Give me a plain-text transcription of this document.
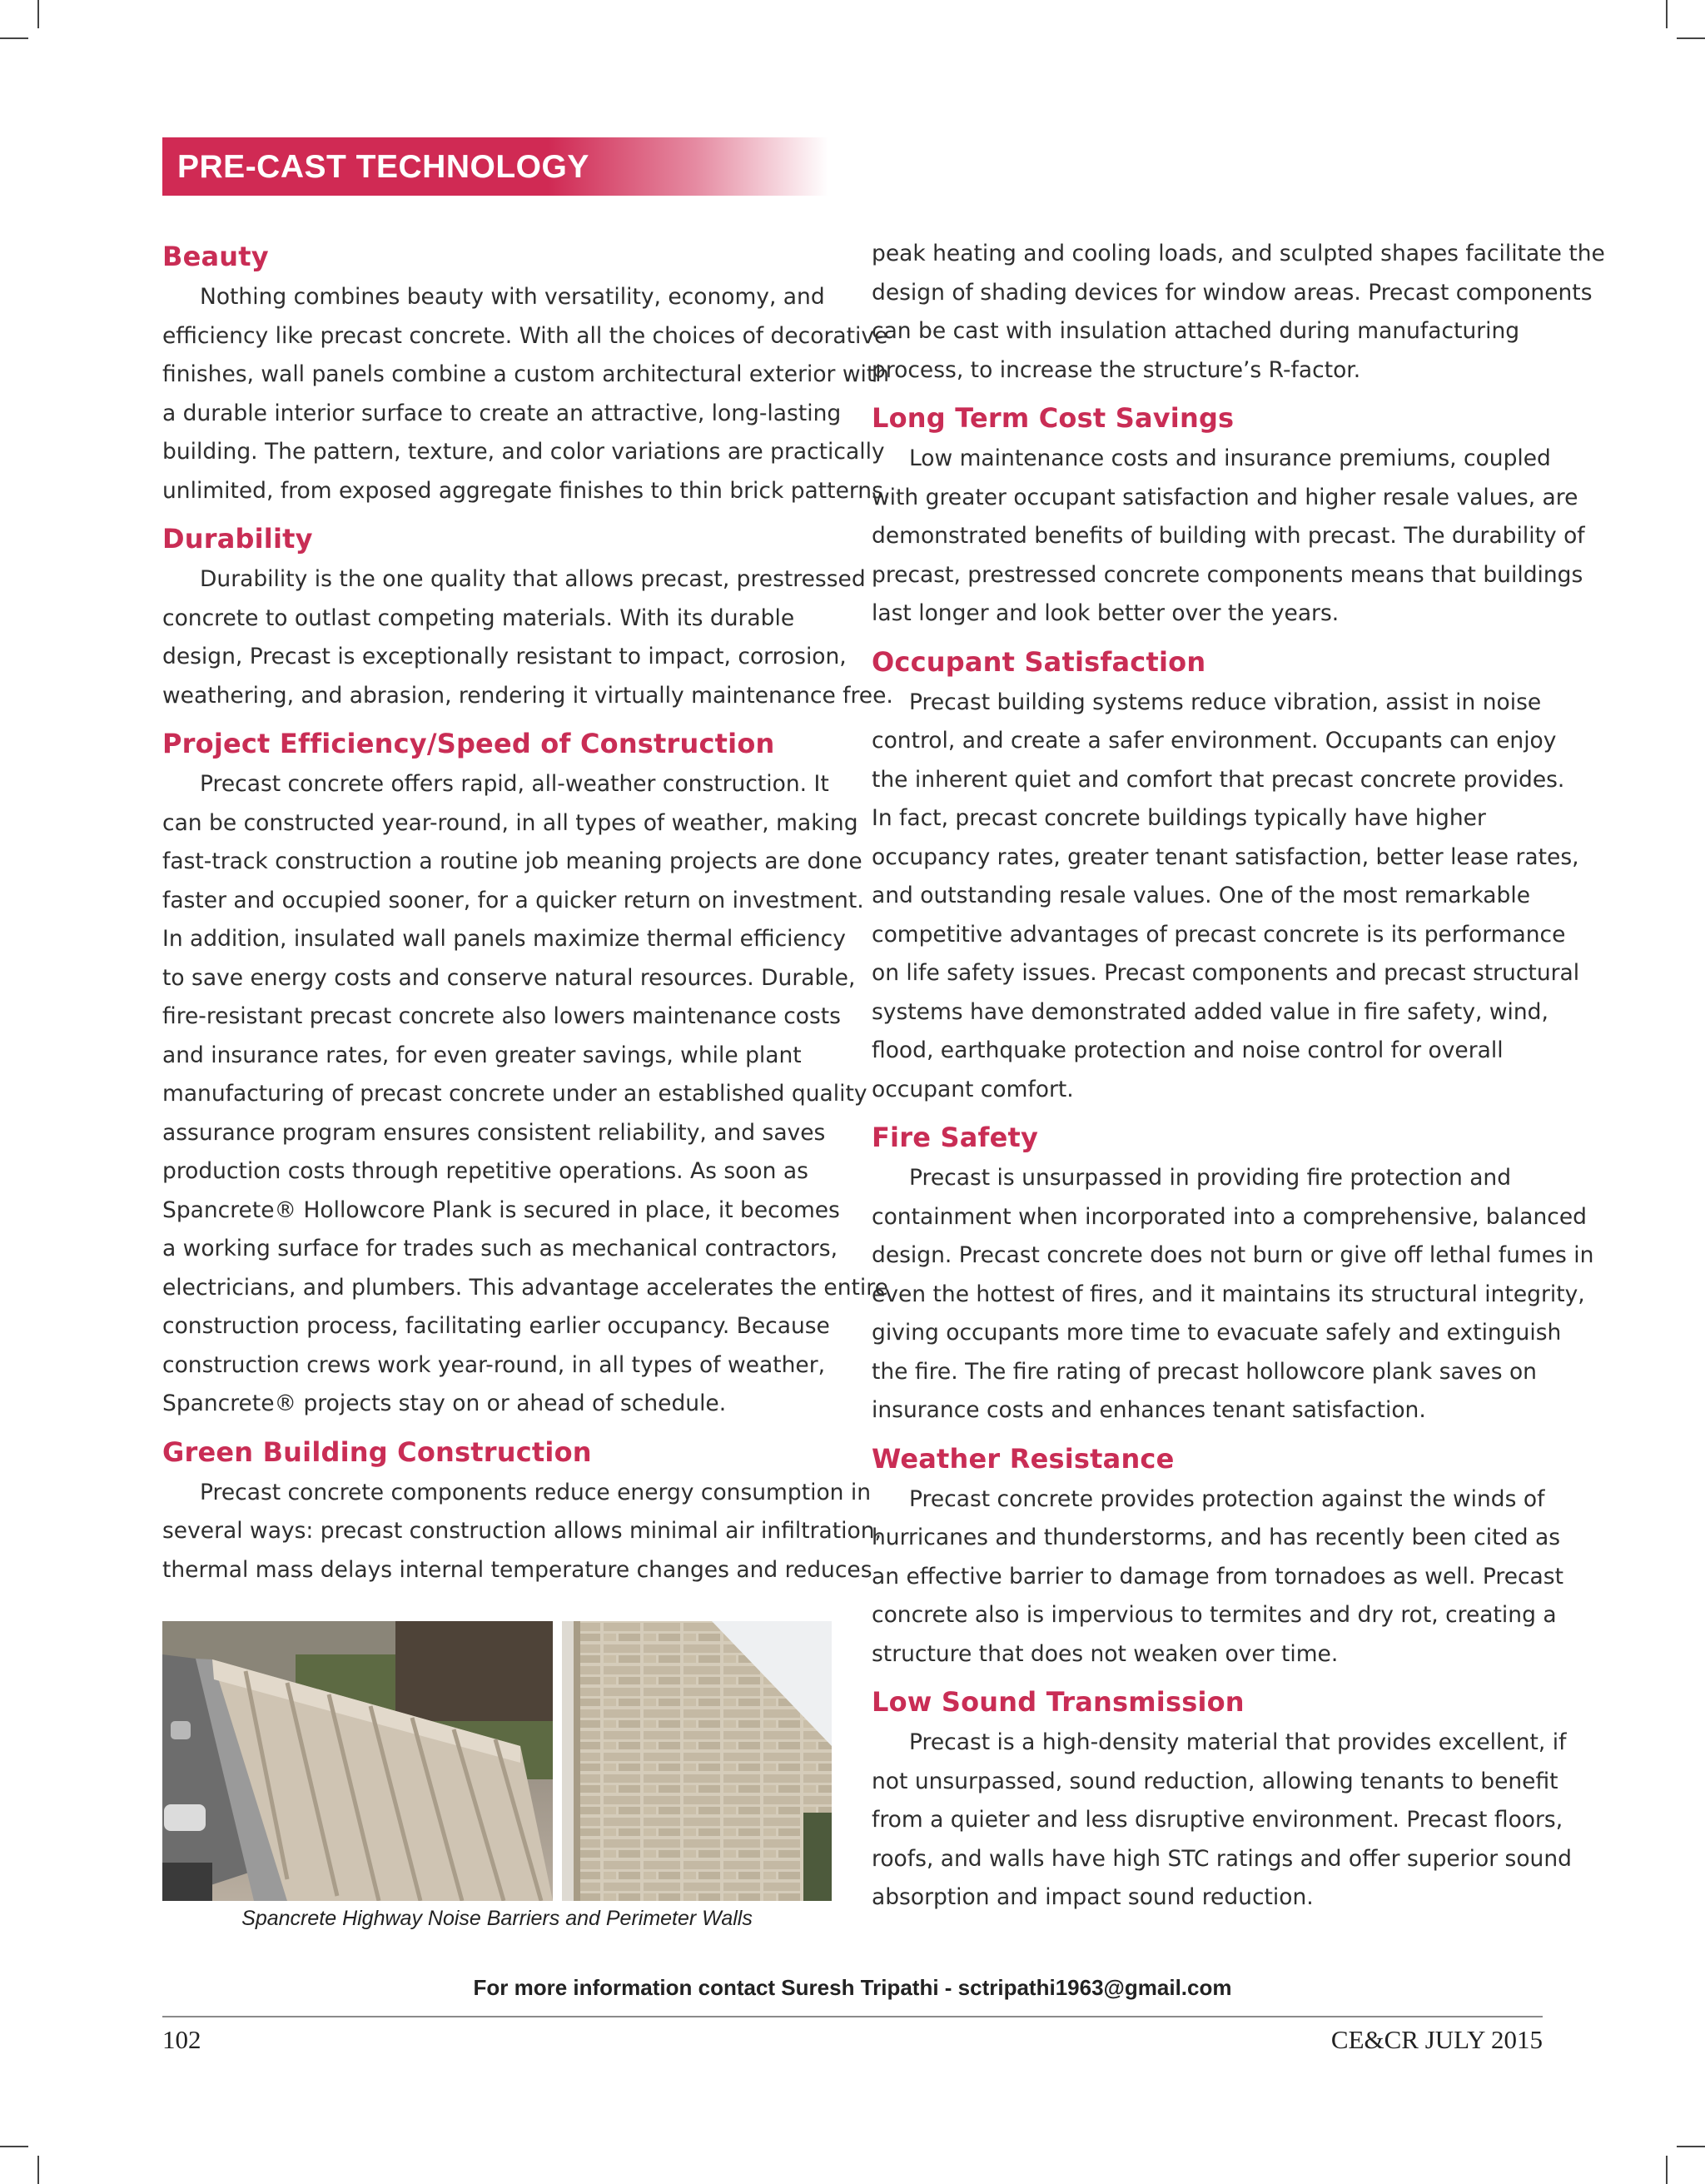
PRE-CAST TECHNOLOGY
Beauty

Nothing combines beauty with versatility, economy, and
efficiency like precast concrete. With all the choices of decorative
finishes, wall panels combine a custom architectural exterior with
a durable interior surface to create an attractive, long-lasting
building. The pattern, texture, and color variations are practically
unlimited, from exposed aggregate finishes to thin brick patterns.

Durability

Durability is the one quality that allows precast, prestressed
concrete to outlast competing materials. With its durable
design, Precast is exceptionally resistant to impact, corrosion,
weathering, and abrasion, rendering it virtually maintenance free.

Project Efficiency/Speed of Construction

Precast concrete offers rapid, all-weather construction. It
can be constructed year-round, in all types of weather, making
fast-track construction a routine job meaning projects are done
faster and occupied sooner, for a quicker return on investment.
In addition, insulated wall panels maximize thermal efficiency
to save energy costs and conserve natural resources. Durable,
fire-resistant precast concrete also lowers maintenance costs
and insurance rates, for even greater savings, while plant
manufacturing of precast concrete under an established quality
assurance program ensures consistent reliability, and saves
production costs through repetitive operations. As soon as
Spancrete® Hollowcore Plank is secured in place, it becomes
a working surface for trades such as mechanical contractors,
electricians, and plumbers. This advantage accelerates the entire
construction process, facilitating earlier occupancy. Because
construction crews work year-round, in all types of weather,
Spancrete® projects stay on or ahead of schedule.

Green Building Construction

Precast concrete components reduce energy consumption in
several ways: precast construction allows minimal air infiltration,
thermal mass delays internal temperature changes and reduces

peak heating and cooling loads, and sculpted shapes facilitate the
design of shading devices for window areas. Precast components
can be cast with insulation attached during manufacturing
process, to increase the structure’s R-factor.

Long Term Cost Savings

Low maintenance costs and insurance premiums, coupled
with greater occupant satisfaction and higher resale values, are
demonstrated benefits of building with precast. The durability of
precast, prestressed concrete components means that buildings
last longer and look better over the years.

Occupant Satisfaction

Precast building systems reduce vibration, assist in noise
control, and create a safer environment. Occupants can enjoy
the inherent quiet and comfort that precast concrete provides.
In fact, precast concrete buildings typically have higher
occupancy rates, greater tenant satisfaction, better lease rates,
and outstanding resale values. One of the most remarkable
competitive advantages of precast concrete is its performance
on life safety issues. Precast components and precast structural
systems have demonstrated added value in fire safety, wind,
flood, earthquake protection and noise control for overall
occupant comfort.

Fire Safety

Precast is unsurpassed in providing fire protection and
containment when incorporated into a comprehensive, balanced
design. Precast concrete does not burn or give off lethal fumes in
even the hottest of fires, and it maintains its structural integrity,
giving occupants more time to evacuate safely and extinguish
the fire. The fire rating of precast hollowcore plank saves on
insurance costs and enhances tenant satisfaction.

Weather Resistance

Precast concrete provides protection against the winds of
hurricanes and thunderstorms, and has recently been cited as
an effective barrier to damage from tornadoes as well. Precast
concrete also is impervious to termites and dry rot, creating a
structure that does not weaken over time.

Low Sound Transmission

Precast is a high-density material that provides excellent, if
not unsurpassed, sound reduction, allowing tenants to benefit
from a quieter and less disruptive environment. Precast floors,
roofs, and walls have high STC ratings and offer superior sound
absorption and impact sound reduction.

Spancrete Highway Noise Barriers and Perimeter Walls
For more information contact Suresh Tripathi - sctripathi1963@gmail.com
102	CE&CR JULY 2015
